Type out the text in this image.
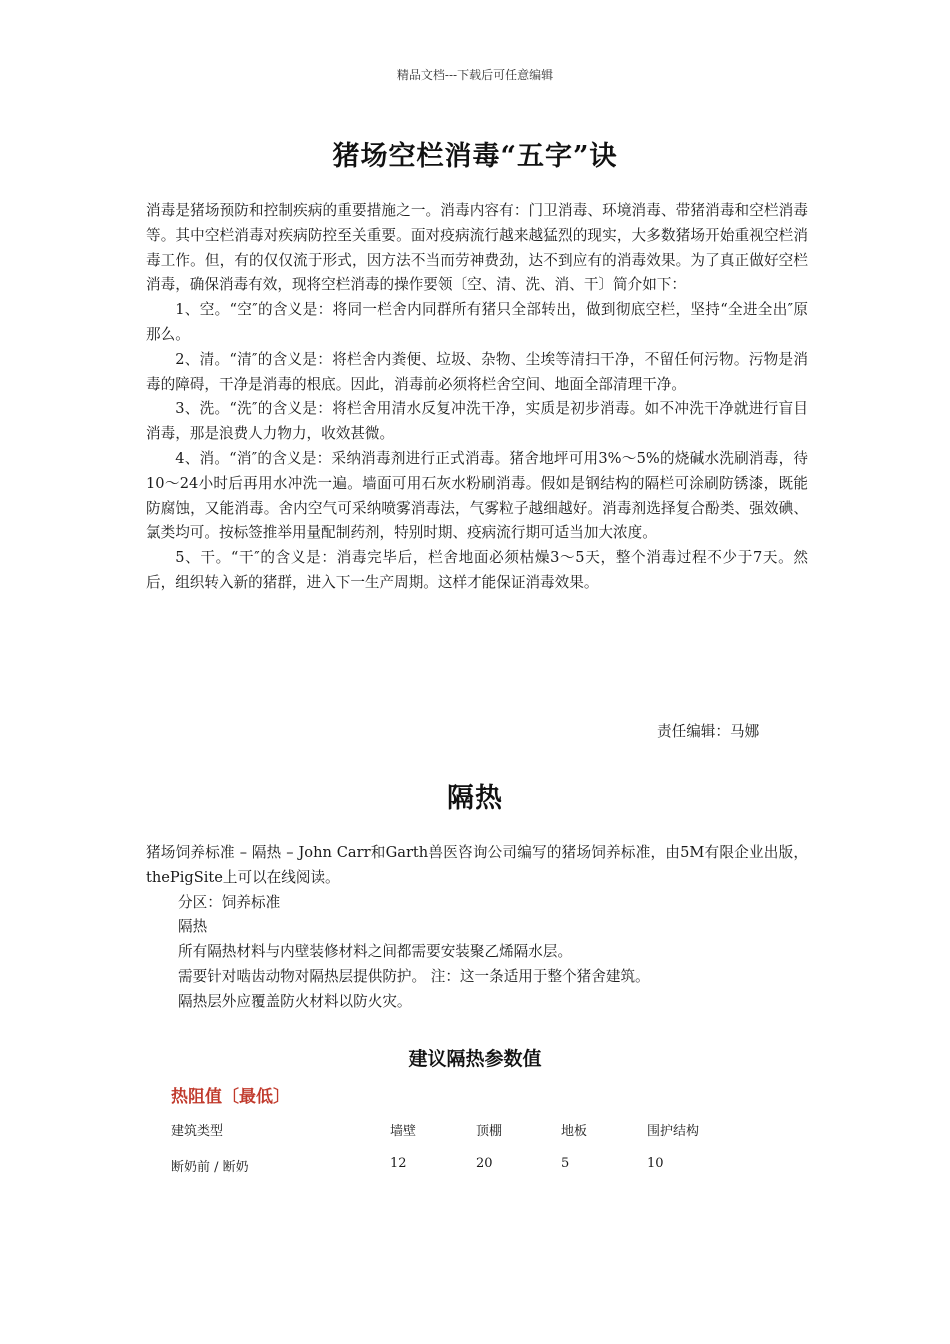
精品文档---下载后可任意编辑
猪场空栏消毒“五字”诀

消毒是猪场预防和控制疾病的重要措施之一。消毒内容有：门卫消毒、环境消毒、带猪消毒和空栏消毒等。其中空栏消毒对疾病防控至关重要。面对疫病流行越来越猛烈的现实，大多数猪场开始重视空栏消毒工作。但，有的仅仅流于形式，因方法不当而劳神费劲，达不到应有的消毒效果。为了真正做好空栏消毒，确保消毒有效，现将空栏消毒的操作要领〔空、清、洗、消、干〕简介如下：

1、空。“空″的含义是：将同一栏舍内同群所有猪只全部转出，做到彻底空栏，坚持“全进全出″原那么。

2、清。“清″的含义是：将栏舍内粪便、垃圾、杂物、尘埃等清扫干净，不留任何污物。污物是消毒的障碍，干净是消毒的根底。因此，消毒前必须将栏舍空间、地面全部清理干净。

3、洗。“洗″的含义是：将栏舍用清水反复冲洗干净，实质是初步消毒。如不冲洗干净就进行盲目消毒，那是浪费人力物力，收效甚微。

4、消。“消″的含义是：采纳消毒剂进行正式消毒。猪舍地坪可用3%～5%的烧碱水洗刷消毒，待10～24小时后再用水冲洗一遍。墙面可用石灰水粉刷消毒。假如是钢结构的隔栏可涂刷防锈漆，既能防腐蚀，又能消毒。舍内空气可采纳喷雾消毒法，气雾粒子越细越好。消毒剂选择复合酚类、强效碘、氯类均可。按标签推举用量配制药剂，特别时期、疫病流行期可适当加大浓度。

5、干。“干″的含义是：消毒完毕后，栏舍地面必须枯燥3～5天，整个消毒过程不少于7天。然后，组织转入新的猪群，进入下一生产周期。这样才能保证消毒效果。

责任编辑：马娜
隔热

猪场饲养标准 – 隔热 – John Carr和Garth兽医咨询公司编写的猪场饲养标准，由5M有限企业出版，thePigSite上可以在线阅读。

分区：饲养标准

隔热

所有隔热材料与内壁装修材料之间都需要安装聚乙烯隔水层。

需要针对啮齿动物对隔热层提供防护。 注：这一条适用于整个猪舍建筑。

隔热层外应覆盖防火材料以防火灾。

建议隔热参数值
热阻值〔最低〕
建筑类型	墙壁	顶棚	地板	围护结构
断奶前 / 断奶	12	20	5	10
